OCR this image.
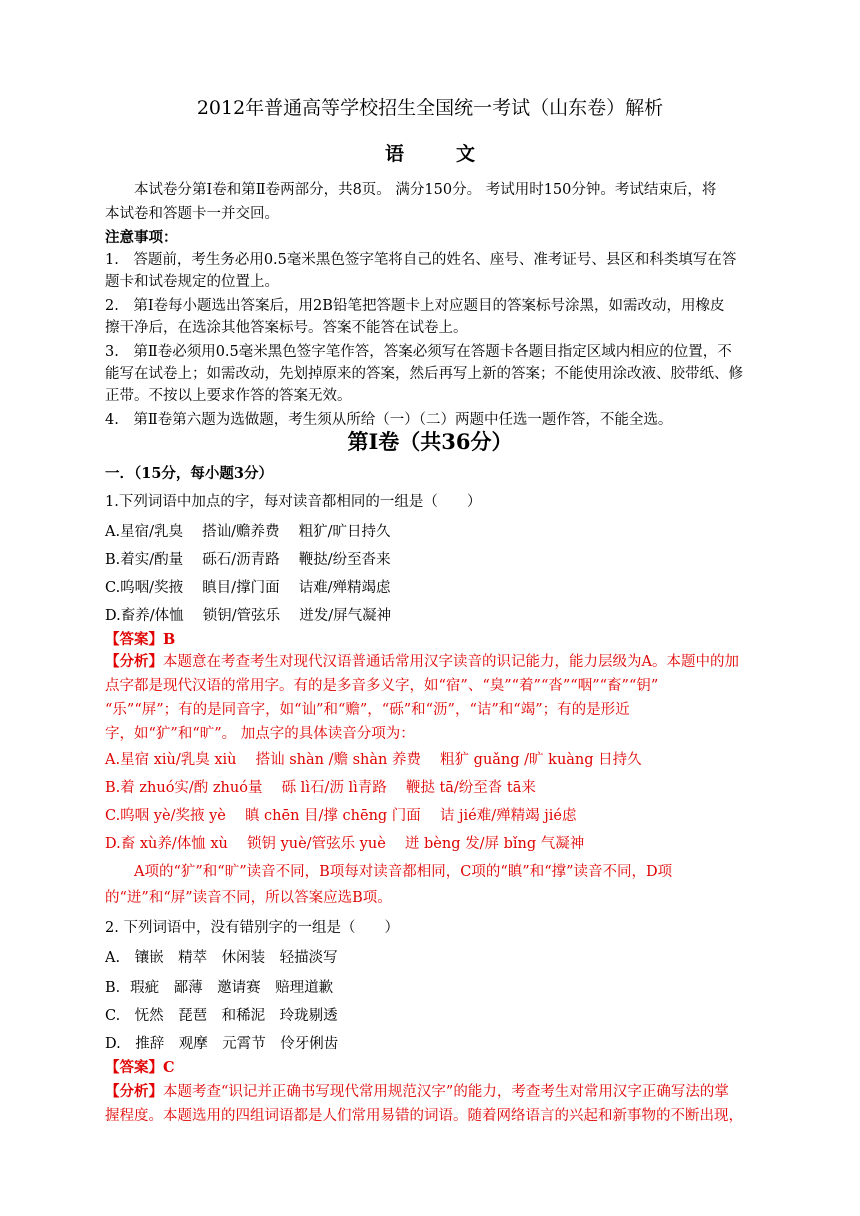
2012年普通高等学校招生全国统一考试（山东卷）解析
语文
本试卷分第Ⅰ卷和第Ⅱ卷两部分，共8页。 满分150分。 考试用时150分钟。考试结束后，将
本试卷和答题卡一并交回。
注意事项：
1.　答题前，考生务必用0.5毫米黑色签字笔将自己的姓名、座号、准考证号、县区和科类填写在答
题卡和试卷规定的位置上。
2.　第Ⅰ卷每小题选出答案后，用2B铅笔把答题卡上对应题目的答案标号涂黑，如需改动，用橡皮
擦干净后，在选涂其他答案标号。答案不能答在试卷上。
3.　第Ⅱ卷必须用0.5毫米黑色签字笔作答，答案必须写在答题卡各题目指定区域内相应的位置，不
能写在试卷上；如需改动，先划掉原来的答案，然后再写上新的答案；不能使用涂改液、胶带纸、修
正带。不按以上要求作答的答案无效。
4.　第Ⅱ卷第六题为选做题，考生须从所给（一）（二）两题中任选一题作答，不能全选。
第Ⅰ卷（共36分）
一．（15分，每小题3分）
1.下列词语中加点的字，每对读音都相同的一组是（　　）
A.星宿/乳臭　 搭讪/赡养费　 粗犷/旷日持久
B.着实/酌量　 砾石/沥青路　 鞭挞/纷至沓来
C.呜咽/奖掖　 瞋目/撑门面　 诘难/殚精竭虑
D.畜养/体恤　 锁钥/管弦乐　 迸发/屏气凝神
【答案】B
【分析】本题意在考查考生对现代汉语普通话常用汉字读音的识记能力，能力层级为A。本题中的加
点字都是现代汉语的常用字。有的是多音多义字，如“宿”、“臭”“着”“沓”“咽”“畜”“钥”
“乐”“屏”；有的是同音字，如“讪”和“赡”，“砾”和“沥”，“诘”和“竭”；有的是形近
字，如“犷”和“旷”。 加点字的具体读音分项为：
A.星宿 xiù/乳臭 xiù　 搭讪 shàn /赡 shàn 养费　 粗犷 guǎng /旷 kuàng 日持久
B.着 zhuó实/酌 zhuó量　 砾 lì石/沥 lì青路　 鞭挞 tā/纷至沓 tā来
C.呜咽 yè/奖掖 yè　 瞋 chēn 目/撑 chēng 门面　 诘 jié难/殚精竭 jié虑
D.畜 xù养/体恤 xù　 锁钥 yuè/管弦乐 yuè　 迸 bèng 发/屏 bǐng 气凝神
A项的“犷”和“旷”读音不同，B项每对读音都相同，C项的“瞋”和“撑”读音不同，D项
的“迸”和“屏”读音不同，所以答案应选B项。
2. 下列词语中，没有错别字的一组是（　　）
A.　镶嵌　精萃　休闲装　轻描淡写
B．瑕疵　鄙薄　邀请赛　赔理道歉
C.　怃然　琵琶　和稀泥　玲珑剔透
D.　推辞　观摩　元霄节　伶牙俐齿
【答案】C
【分析】本题考查“识记并正确书写现代常用规范汉字”的能力，考查考生对常用汉字正确写法的掌
握程度。本题选用的四组词语都是人们常用易错的词语。随着网络语言的兴起和新事物的不断出现，
